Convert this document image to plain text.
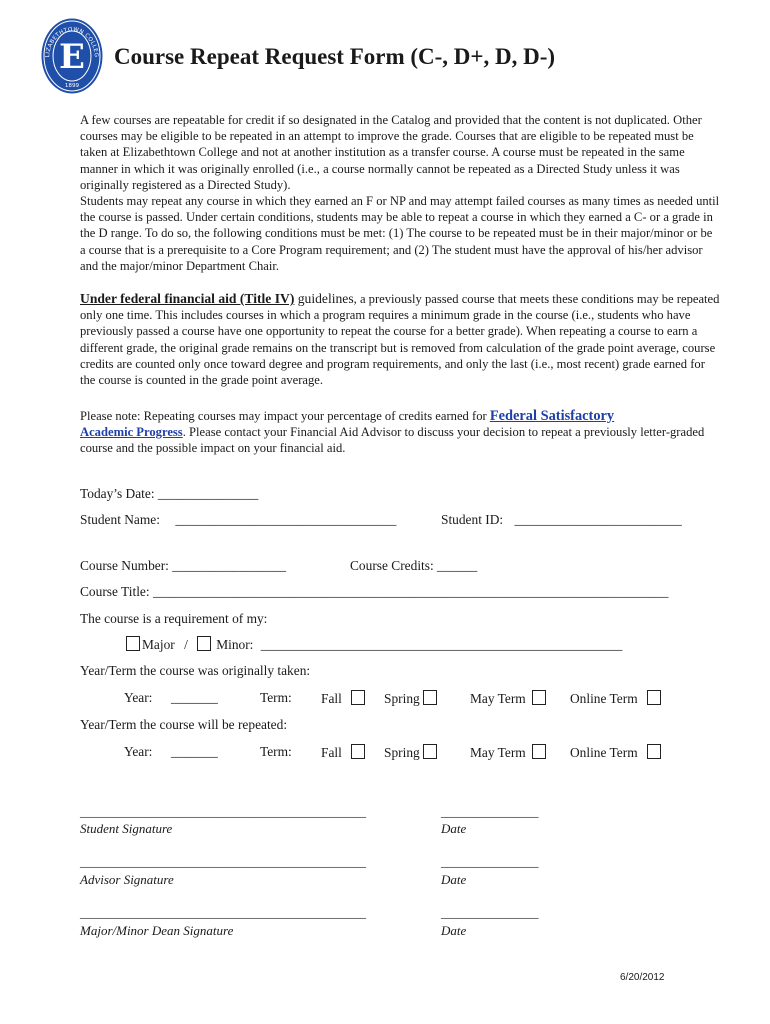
LIZABETHTOWN COLLEG
1899
E Course Repeat Request Form (C-, D+, D, D-)

A few courses are repeatable for credit if so designated in the Catalog and provided that the content is not duplicated. Other courses may be eligible to be repeated in an attempt to improve the grade. Courses that are eligible to be repeated must be taken at Elizabethtown College and not at another institution as a transfer course. A course must be repeated in the same manner in which it was originally enrolled (i.e., a course normally cannot be repeated as a Directed Study unless it was originally registered as a Directed Study).

Students may repeat any course in which they earned an F or NP and may attempt failed courses as many times as needed until the course is passed. Under certain conditions, students may be able to repeat a course in which they earned a C- or a grade in the D range. To do so, the following conditions must be met: (1) The course to be repeated must be in their major/minor or be a course that is a prerequisite to a Core Program requirement; and (2) The student must have the approval of his/her advisor and the major/minor Department Chair.

Under federal financial aid (Title IV) guidelines, a previously passed course that meets these conditions may be repeated only one time. This includes courses in which a program requires a minimum grade in the course (i.e., students who have previously passed a course have one opportunity to repeat the course for a better grade). When repeating a course to earn a different grade, the original grade remains on the transcript but is removed from calculation of the grade point average, course credits are counted only once toward degree and program requirements, and only the last (i.e., most recent) grade earned for the course is counted in the grade point average.

Please note: Repeating courses may impact your percentage of credits earned for Federal Satisfactory
Academic Progress. Please contact your Financial Aid Advisor to discuss your decision to repeat a previously letter-graded course and the possible impact on your financial aid.

Today’s Date: _______________
Student Name: _________________________________	Student ID: _________________________
Course Number: _________________	Course Credits: ______
Course Title: _____________________________________________________________________________
The course is a requirement of my:
Major / Minor: ______________________________________________________
Year/Term the course was originally taken:
Year: _______	Term: Fall	Spring	May Term	Online Term
Year/Term the course will be repeated:
Year: _______	Term: Fall	Spring	May Term	Online Term
____________________________________________	_______________
Student Signature	Date
____________________________________________	_______________
Advisor Signature	Date
____________________________________________	_______________
Major/Minor Dean Signature	Date
6/20/2012
